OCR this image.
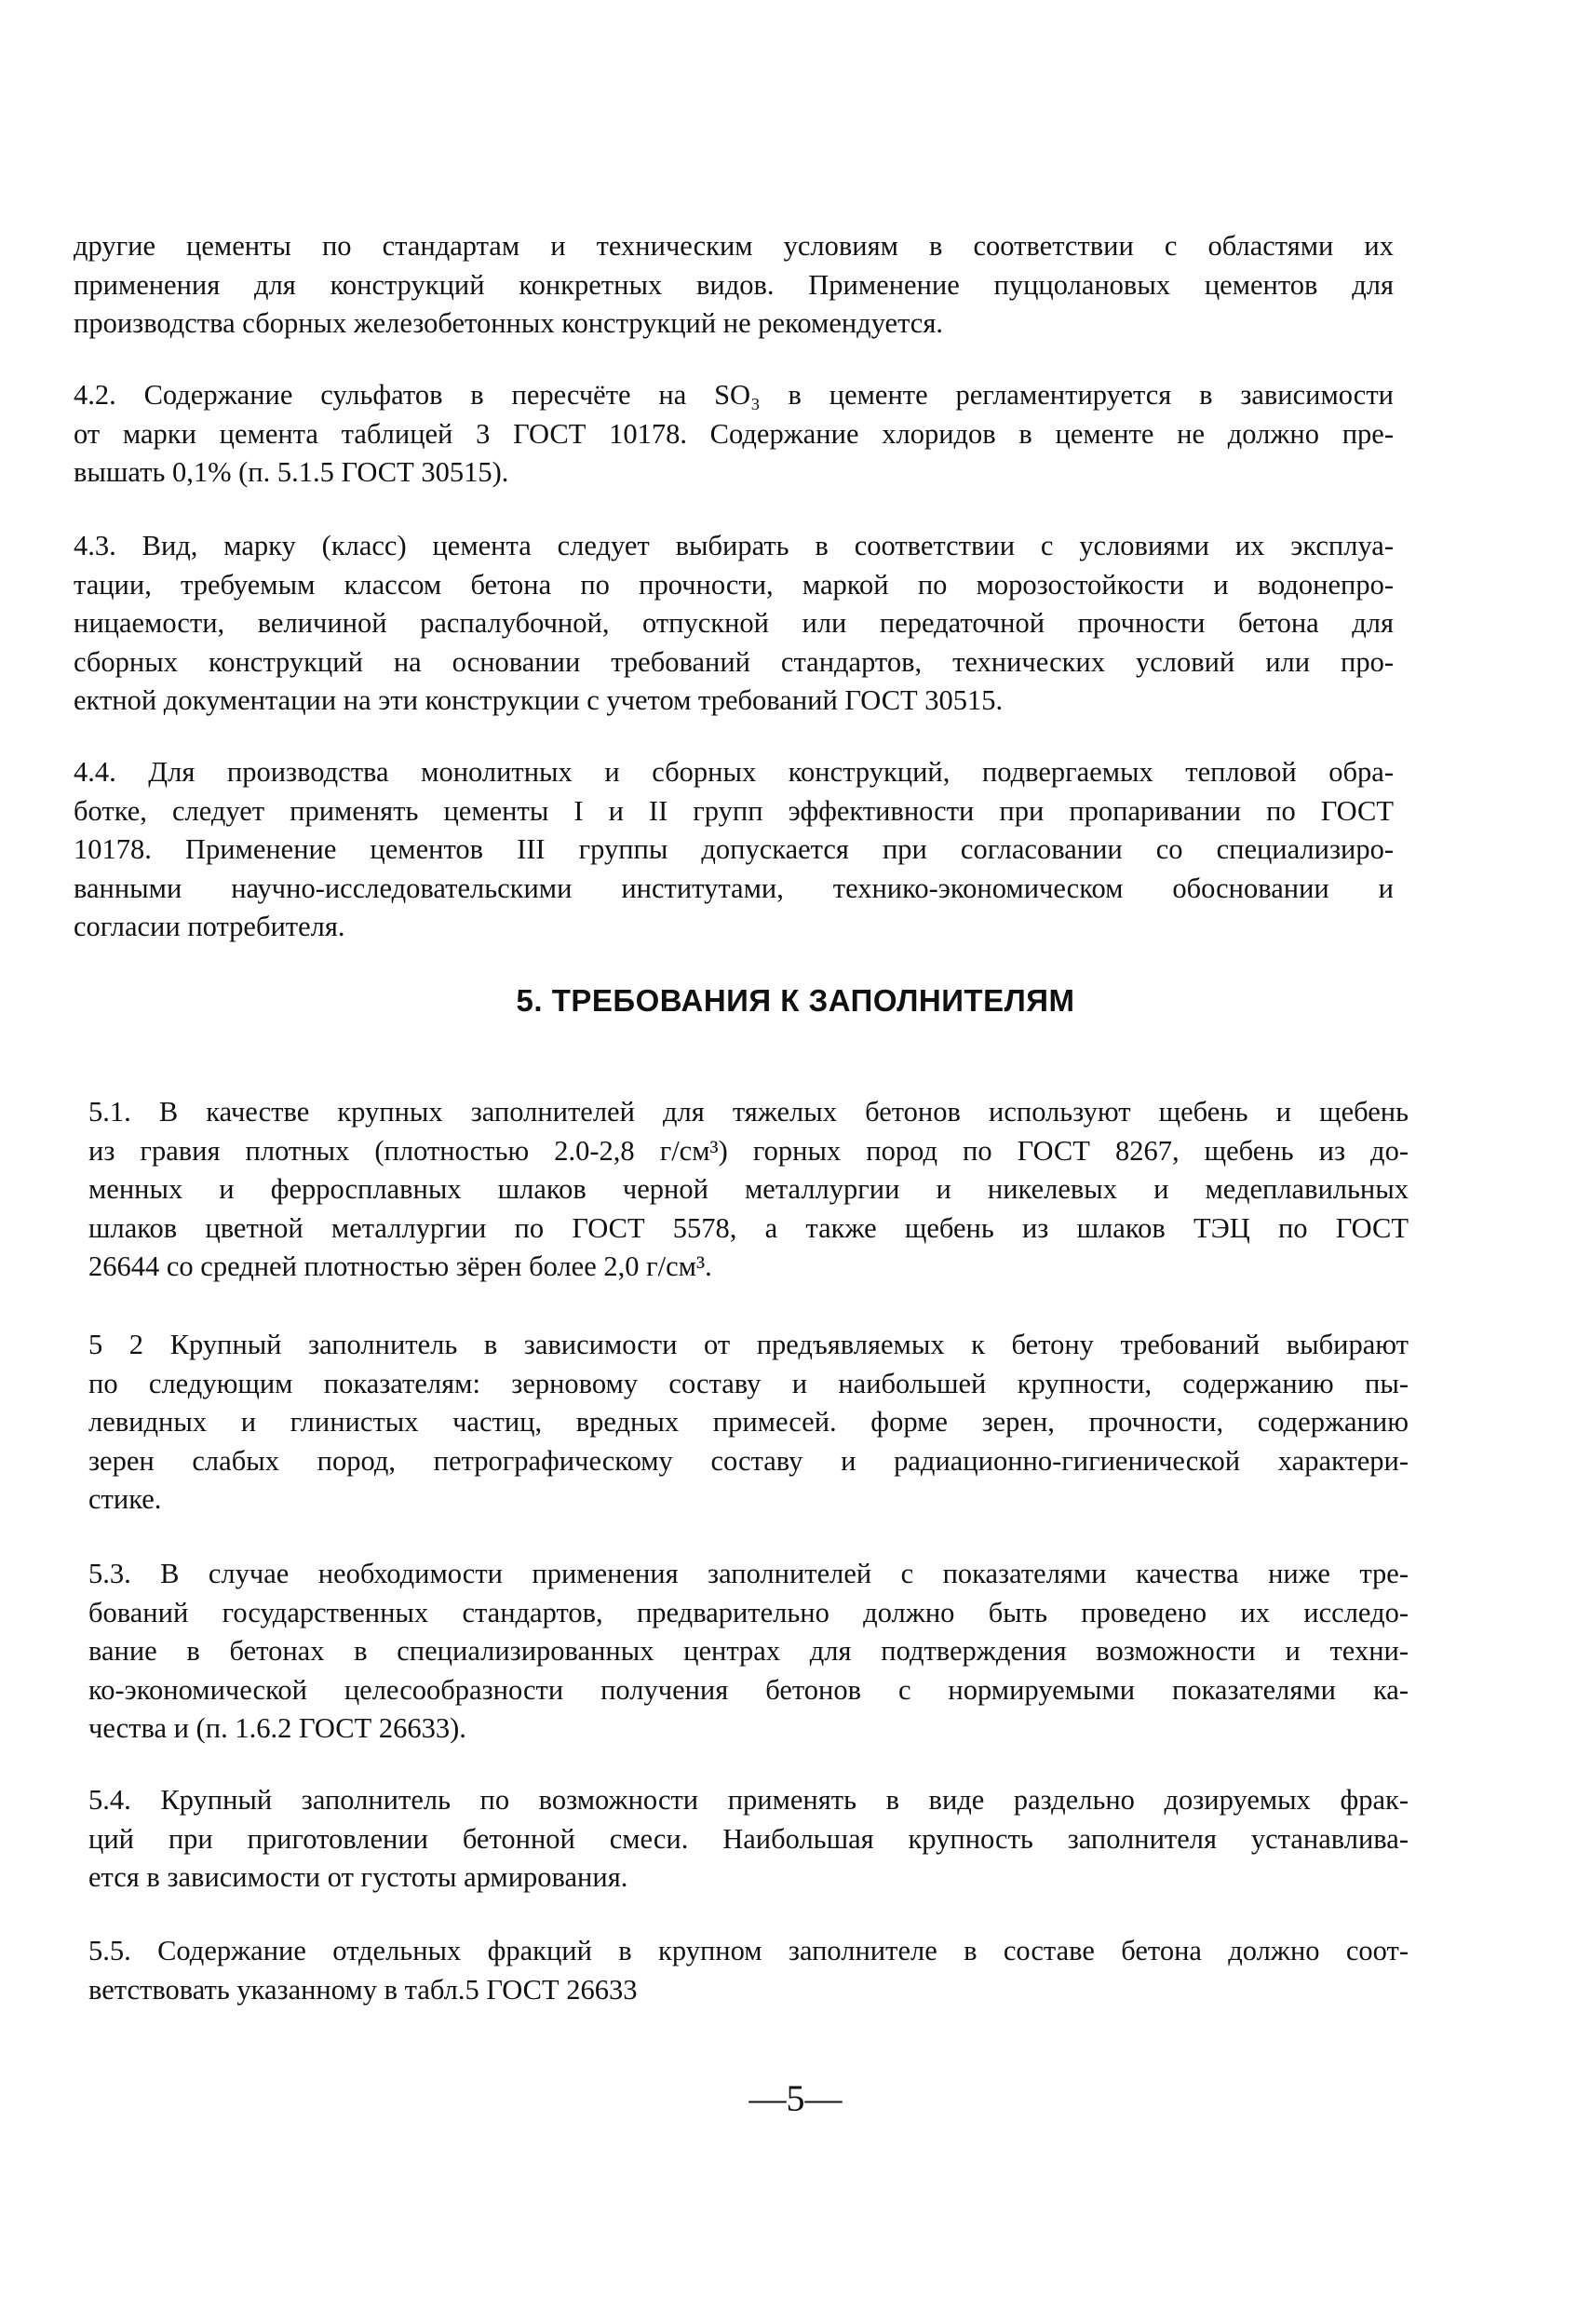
другие цементы по стандартам и техническим условиям в соответствии с областями их
применения для конструкций конкретных видов. Применение пуццолановых цементов для
производства сборных железобетонных конструкций не рекомендуется.
4.2. Содержание сульфатов в пересчёте на SO₃ в цементе регламентируется в зависимости
от марки цемента таблицей 3 ГОСТ 10178. Содержание хлоридов в цементе не должно пре-
вышать 0,1% (п. 5.1.5 ГОСТ 30515).
4.3. Вид, марку (класс) цемента следует выбирать в соответствии с условиями их эксплуа-
тации, требуемым классом бетона по прочности, маркой по морозостойкости и водонепро-
ницаемости, величиной распалубочной, отпускной или передаточной прочности бетона для
сборных конструкций на основании требований стандартов, технических условий или про-
ектной документации на эти конструкции с учетом требований ГОСТ 30515.
4.4. Для производства монолитных и сборных конструкций, подвергаемых тепловой обра-
ботке, следует применять цементы I и II групп эффективности при пропаривании по ГОСТ
10178. Применение цементов III группы допускается при согласовании со специализиро-
ванными научно-исследовательскими институтами, технико-экономическом обосновании и
согласии потребителя.
5. ТРЕБОВАНИЯ К ЗАПОЛНИТЕЛЯМ
5.1. В качестве крупных заполнителей для тяжелых бетонов используют щебень и щебень
из гравия плотных (плотностью 2.0-2,8 г/см³) горных пород по ГОСТ 8267, щебень из до-
менных и ферросплавных шлаков черной металлургии и никелевых и медеплавильных
шлаков цветной металлургии по ГОСТ 5578, а также щебень из шлаков ТЭЦ по ГОСТ
26644 со средней плотностью зёрен более 2,0 г/см³.
5 2 Крупный заполнитель в зависимости от предъявляемых к бетону требований выбирают
по следующим показателям: зерновому составу и наибольшей крупности, содержанию пы-
левидных и глинистых частиц, вредных примесей. форме зерен, прочности, содержанию
зерен слабых пород, петрографическому составу и радиационно-гигиенической характери-
стике.
5.3. В случае необходимости применения заполнителей с показателями качества ниже тре-
бований государственных стандартов, предварительно должно быть проведено их исследо-
вание в бетонах в специализированных центрах для подтверждения возможности и техни-
ко-экономической целесообразности получения бетонов с нормируемыми показателями ка-
чества и (п. 1.6.2 ГОСТ 26633).
5.4. Крупный заполнитель по возможности применять в виде раздельно дозируемых фрак-
ций при приготовлении бетонной смеси. Наибольшая крупность заполнителя устанавлива-
ется в зависимости от густоты армирования.
5.5. Содержание отдельных фракций в крупном заполнителе в составе бетона должно соот-
ветствовать указанному в табл.5 ГОСТ 26633
—5—
